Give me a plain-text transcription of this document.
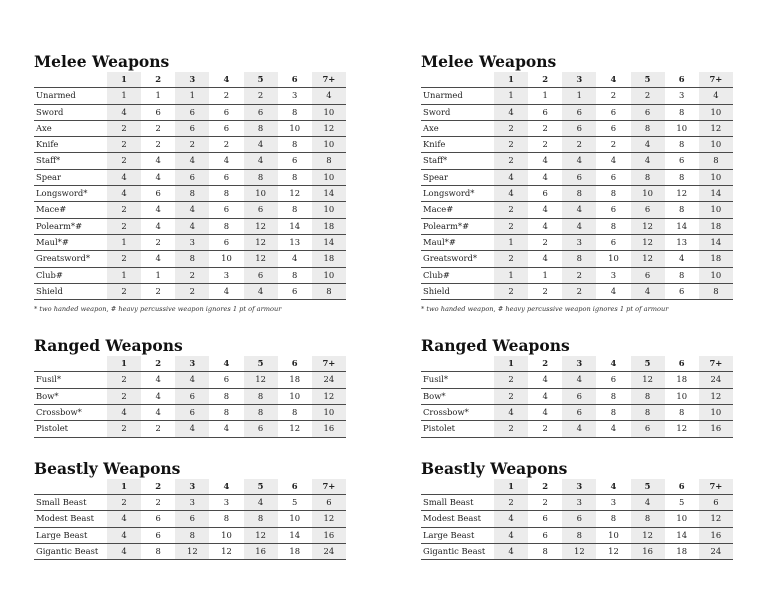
Melee Weapons
	1	2	3	4	5	6	7+
Unarmed	1	1	1	2	2	3	4
Sword	4	6	6	6	6	8	10
Axe	2	2	6	6	8	10	12
Knife	2	2	2	2	4	8	10
Staff*	2	4	4	4	4	6	8
Spear	4	4	6	6	8	8	10
Longsword*	4	6	8	8	10	12	14
Mace#	2	4	4	6	6	8	10
Polearm*#	2	4	4	8	12	14	18
Maul*#	1	2	3	6	12	13	14
Greatsword*	2	4	8	10	12	4	18
Club#	1	1	2	3	6	8	10
Shield	2	2	2	4	4	6	8
* two handed weapon, # heavy percussive weapon ignores 1 pt of armour
Ranged Weapons
	1	2	3	4	5	6	7+
Fusil*	2	4	4	6	12	18	24
Bow*	2	4	6	8	8	10	12
Crossbow*	4	4	6	8	8	8	10
Pistolet	2	2	4	4	6	12	16
Beastly Weapons
	1	2	3	4	5	6	7+
Small Beast	2	2	3	3	4	5	6
Modest Beast	4	6	6	8	8	10	12
Large Beast	4	6	8	10	12	14	16
Gigantic Beast	4	8	12	12	16	18	24
Melee Weapons
	1	2	3	4	5	6	7+
Unarmed	1	1	1	2	2	3	4
Sword	4	6	6	6	6	8	10
Axe	2	2	6	6	8	10	12
Knife	2	2	2	2	4	8	10
Staff*	2	4	4	4	4	6	8
Spear	4	4	6	6	8	8	10
Longsword*	4	6	8	8	10	12	14
Mace#	2	4	4	6	6	8	10
Polearm*#	2	4	4	8	12	14	18
Maul*#	1	2	3	6	12	13	14
Greatsword*	2	4	8	10	12	4	18
Club#	1	1	2	3	6	8	10
Shield	2	2	2	4	4	6	8
* two handed weapon, # heavy percussive weapon ignores 1 pt of armour
Ranged Weapons
	1	2	3	4	5	6	7+
Fusil*	2	4	4	6	12	18	24
Bow*	2	4	6	8	8	10	12
Crossbow*	4	4	6	8	8	8	10
Pistolet	2	2	4	4	6	12	16
Beastly Weapons
	1	2	3	4	5	6	7+
Small Beast	2	2	3	3	4	5	6
Modest Beast	4	6	6	8	8	10	12
Large Beast	4	6	8	10	12	14	16
Gigantic Beast	4	8	12	12	16	18	24
